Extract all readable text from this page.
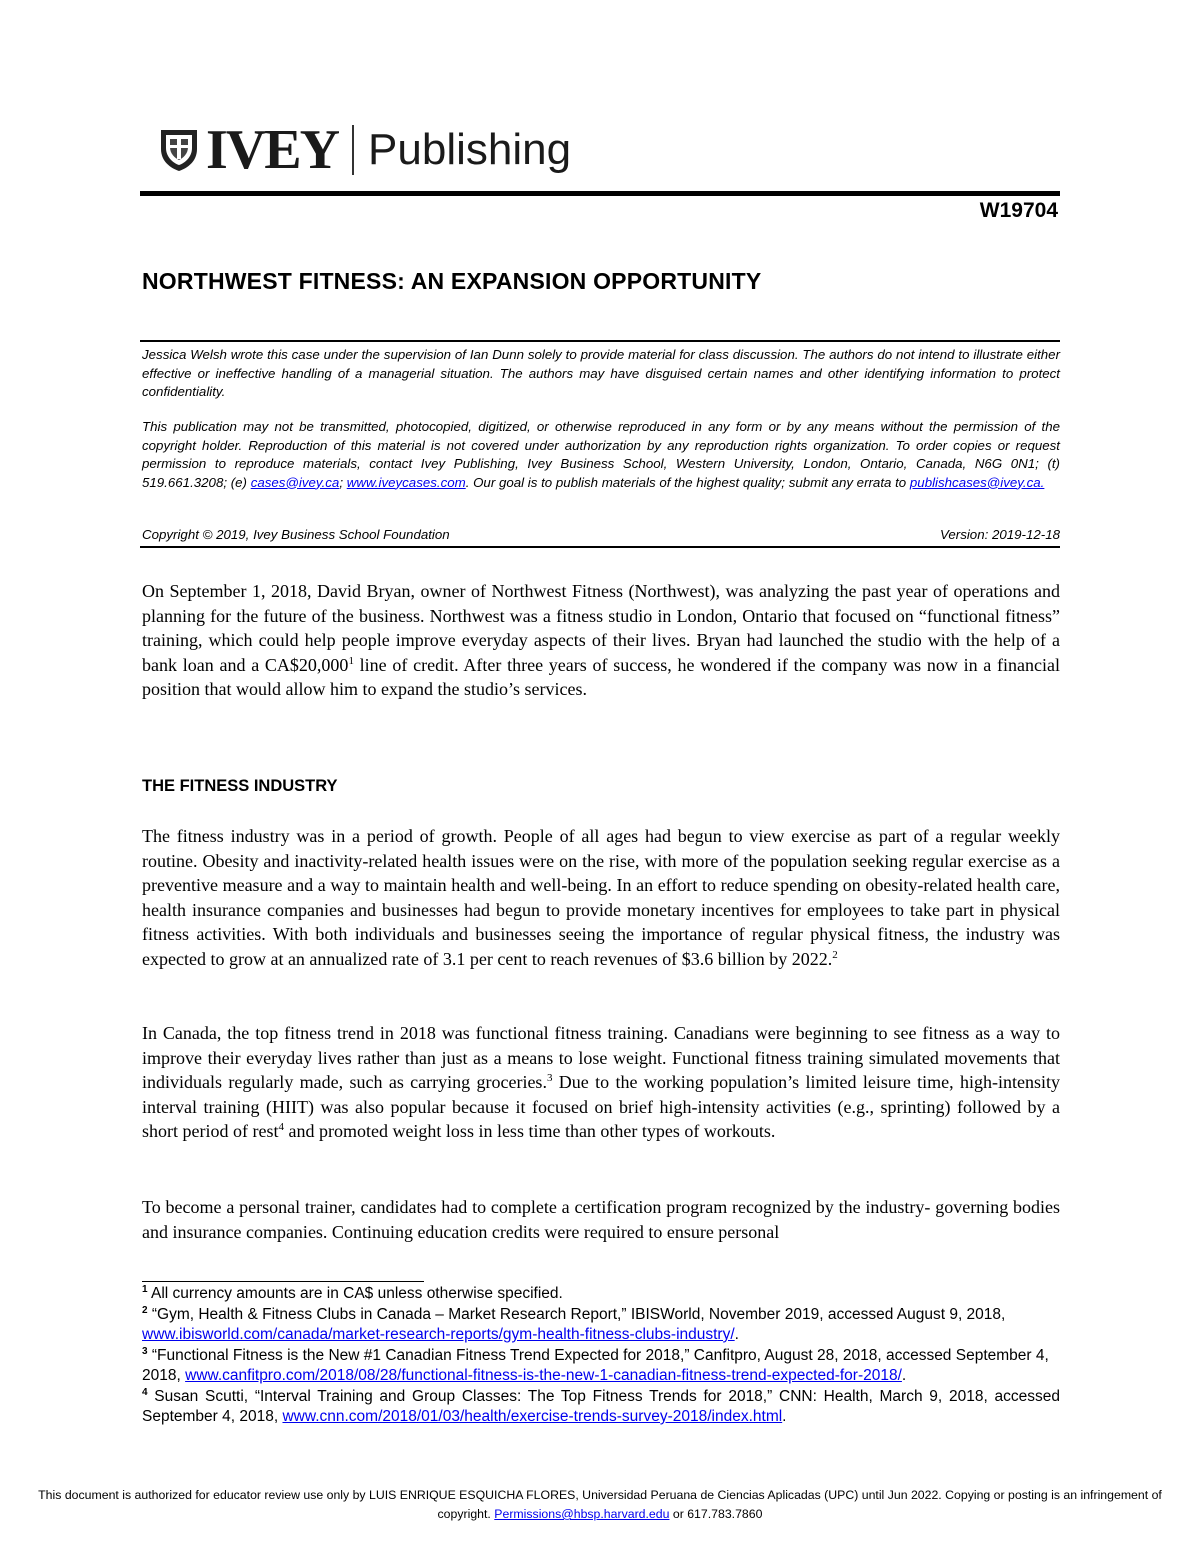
IVEY Publishing
W19704
NORTHWEST FITNESS: AN EXPANSION OPPORTUNITY
Jessica Welsh wrote this case under the supervision of Ian Dunn solely to provide material for class discussion. The authors do not intend to illustrate either effective or ineffective handling of a managerial situation. The authors may have disguised certain names and other identifying information to protect confidentiality.
This publication may not be transmitted, photocopied, digitized, or otherwise reproduced in any form or by any means without the permission of the copyright holder. Reproduction of this material is not covered under authorization by any reproduction rights organization. To order copies or request permission to reproduce materials, contact Ivey Publishing, Ivey Business School, Western University, London, Ontario, Canada, N6G 0N1; (t) 519.661.3208; (e) cases@ivey.ca; www.iveycases.com. Our goal is to publish materials of the highest quality; submit any errata to publishcases@ivey.ca.
Copyright © 2019, Ivey Business School Foundation	Version: 2019-12-18
On September 1, 2018, David Bryan, owner of Northwest Fitness (Northwest), was analyzing the past year of operations and planning for the future of the business. Northwest was a fitness studio in London, Ontario that focused on “functional fitness” training, which could help people improve everyday aspects of their lives. Bryan had launched the studio with the help of a bank loan and a CA$20,000$^1$ line of credit. After three years of success, he wondered if the company was now in a financial position that would allow him to expand the studio’s services.
THE FITNESS INDUSTRY
The fitness industry was in a period of growth. People of all ages had begun to view exercise as part of a regular weekly routine. Obesity and inactivity-related health issues were on the rise, with more of the population seeking regular exercise as a preventive measure and a way to maintain health and well-being. In an effort to reduce spending on obesity-related health care, health insurance companies and businesses had begun to provide monetary incentives for employees to take part in physical fitness activities. With both individuals and businesses seeing the importance of regular physical fitness, the industry was expected to grow at an annualized rate of 3.1 per cent to reach revenues of $3.6 billion by 2022.$^2$
In Canada, the top fitness trend in 2018 was functional fitness training. Canadians were beginning to see fitness as a way to improve their everyday lives rather than just as a means to lose weight. Functional fitness training simulated movements that individuals regularly made, such as carrying groceries.$^3$ Due to the working population’s limited leisure time, high-intensity interval training (HIIT) was also popular because it focused on brief high-intensity activities (e.g., sprinting) followed by a short period of rest$^4$ and promoted weight loss in less time than other types of workouts.
To become a personal trainer, candidates had to complete a certification program recognized by the industry- governing bodies and insurance companies. Continuing education credits were required to ensure personal

$^1$ All currency amounts are in CA$ unless otherwise specified.

$^2$ “Gym, Health & Fitness Clubs in Canada – Market Research Report,” IBISWorld, November 2019, accessed August 9, 2018, www.ibisworld.com/canada/market-research-reports/gym-health-fitness-clubs-industry/.

$^3$ “Functional Fitness is the New #1 Canadian Fitness Trend Expected for 2018,” Canfitpro, August 28, 2018, accessed September 4, 2018, www.canfitpro.com/2018/08/28/functional-fitness-is-the-new-1-canadian-fitness-trend-expected-for-2018/.

$^4$ Susan Scutti, “Interval Training and Group Classes: The Top Fitness Trends for 2018,” CNN: Health, March 9, 2018, accessed September 4, 2018, www.cnn.com/2018/01/03/health/exercise-trends-survey-2018/index.html.

This document is authorized for educator review use only by LUIS ENRIQUE ESQUICHA FLORES, Universidad Peruana de Ciencias Aplicadas (UPC) until Jun 2022. Copying or posting is an infringement of copyright. Permissions@hbsp.harvard.edu or 617.783.7860
